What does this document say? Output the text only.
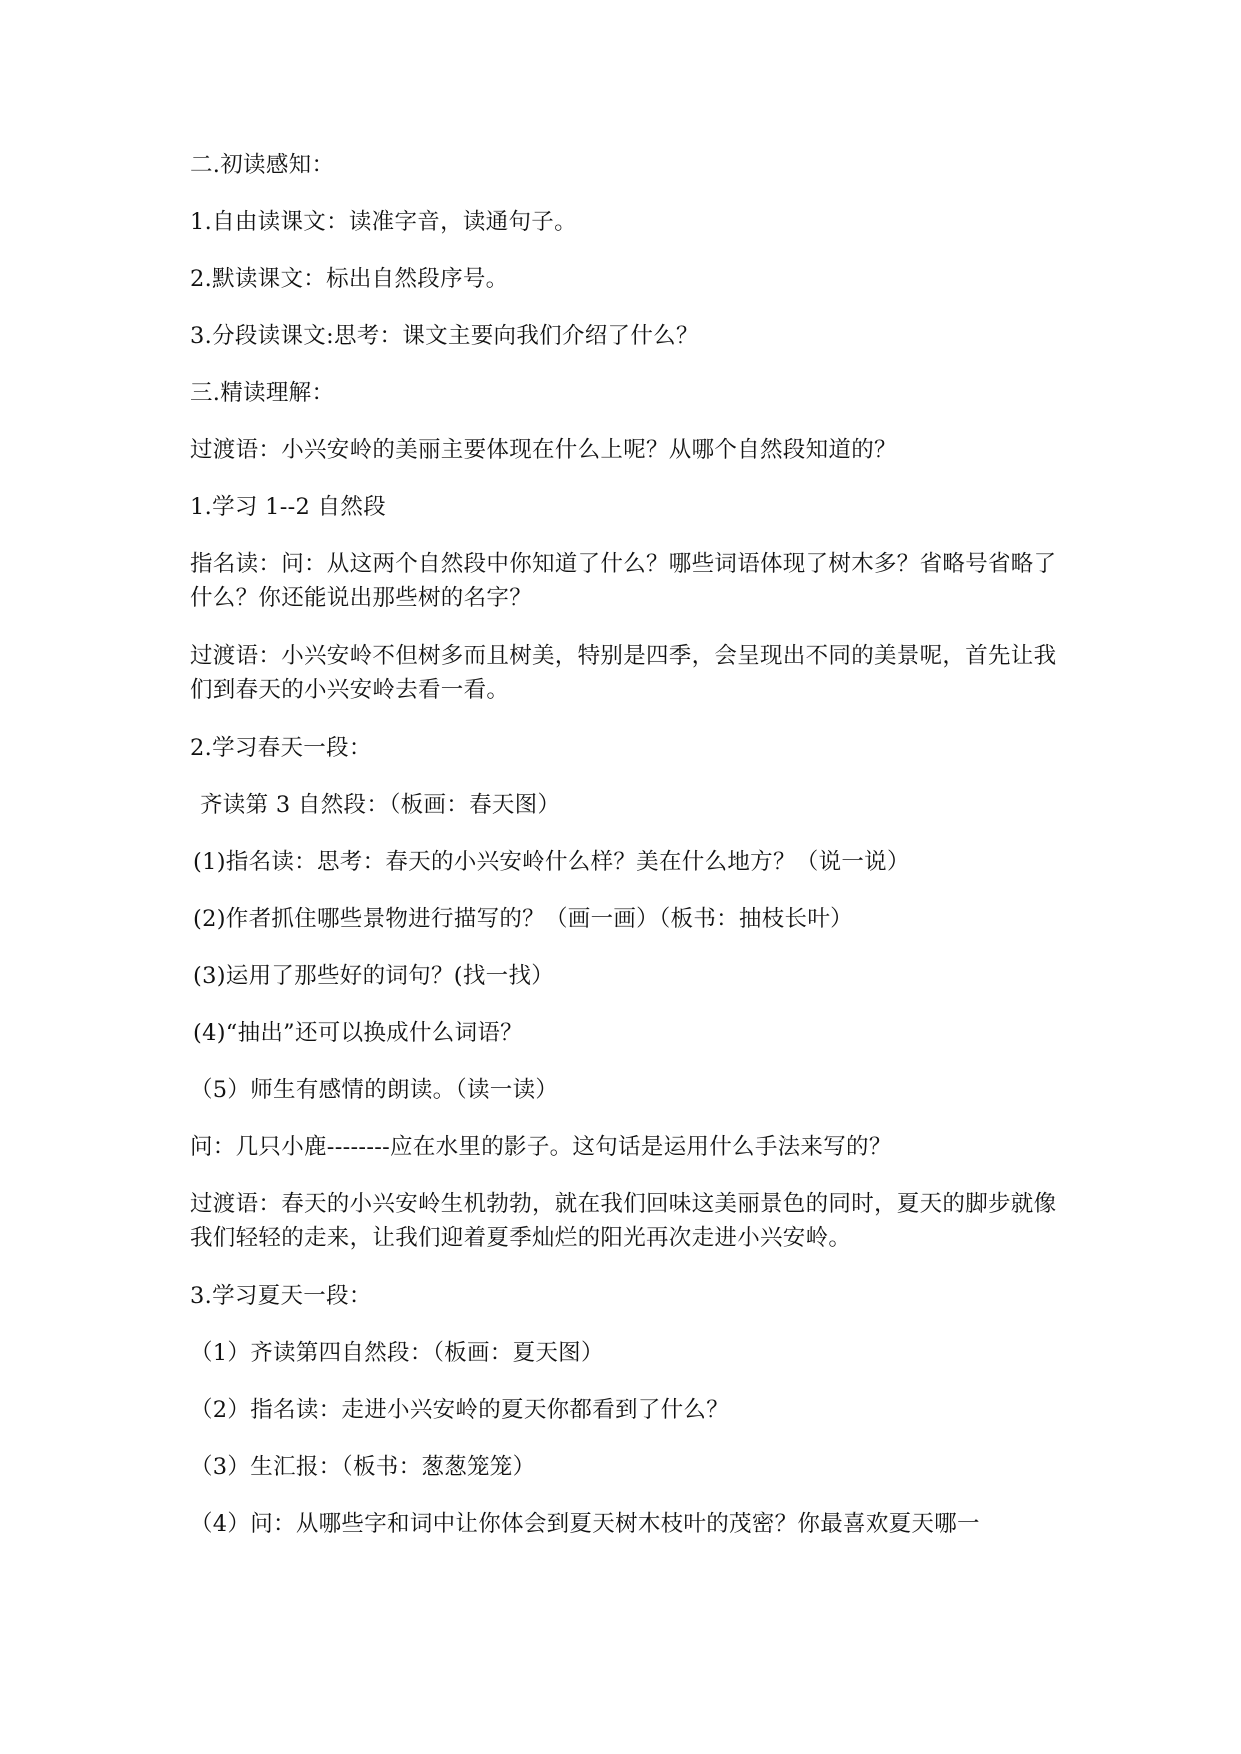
二.初读感知：

1.自由读课文：读准字音，读通句子。

2.默读课文：标出自然段序号。

3.分段读课文:思考：课文主要向我们介绍了什么？

三.精读理解：

过渡语：小兴安岭的美丽主要体现在什么上呢？从哪个自然段知道的？

1.学习 1--2 自然段

指名读：问：从这两个自然段中你知道了什么？哪些词语体现了树木多？省略号省略了什么？你还能说出那些树的名字？

过渡语：小兴安岭不但树多而且树美，特别是四季，会呈现出不同的美景呢，首先让我们到春天的小兴安岭去看一看。

2.学习春天一段：

齐读第 3 自然段：（板画：春天图）

(1)指名读：思考：春天的小兴安岭什么样？美在什么地方？（说一说）

(2)作者抓住哪些景物进行描写的？（画一画）（板书：抽枝长叶）

(3)运用了那些好的词句？(找一找）

(4)“抽出”还可以换成什么词语？

（5）师生有感情的朗读。（读一读）

问：几只小鹿--------应在水里的影子。这句话是运用什么手法来写的？

过渡语：春天的小兴安岭生机勃勃，就在我们回味这美丽景色的同时，夏天的脚步就像我们轻轻的走来，让我们迎着夏季灿烂的阳光再次走进小兴安岭。

3.学习夏天一段：

（1）齐读第四自然段：（板画：夏天图）

（2）指名读：走进小兴安岭的夏天你都看到了什么？

（3）生汇报：（板书：葱葱笼笼）

（4）问：从哪些字和词中让你体会到夏天树木枝叶的茂密？你最喜欢夏天哪一
